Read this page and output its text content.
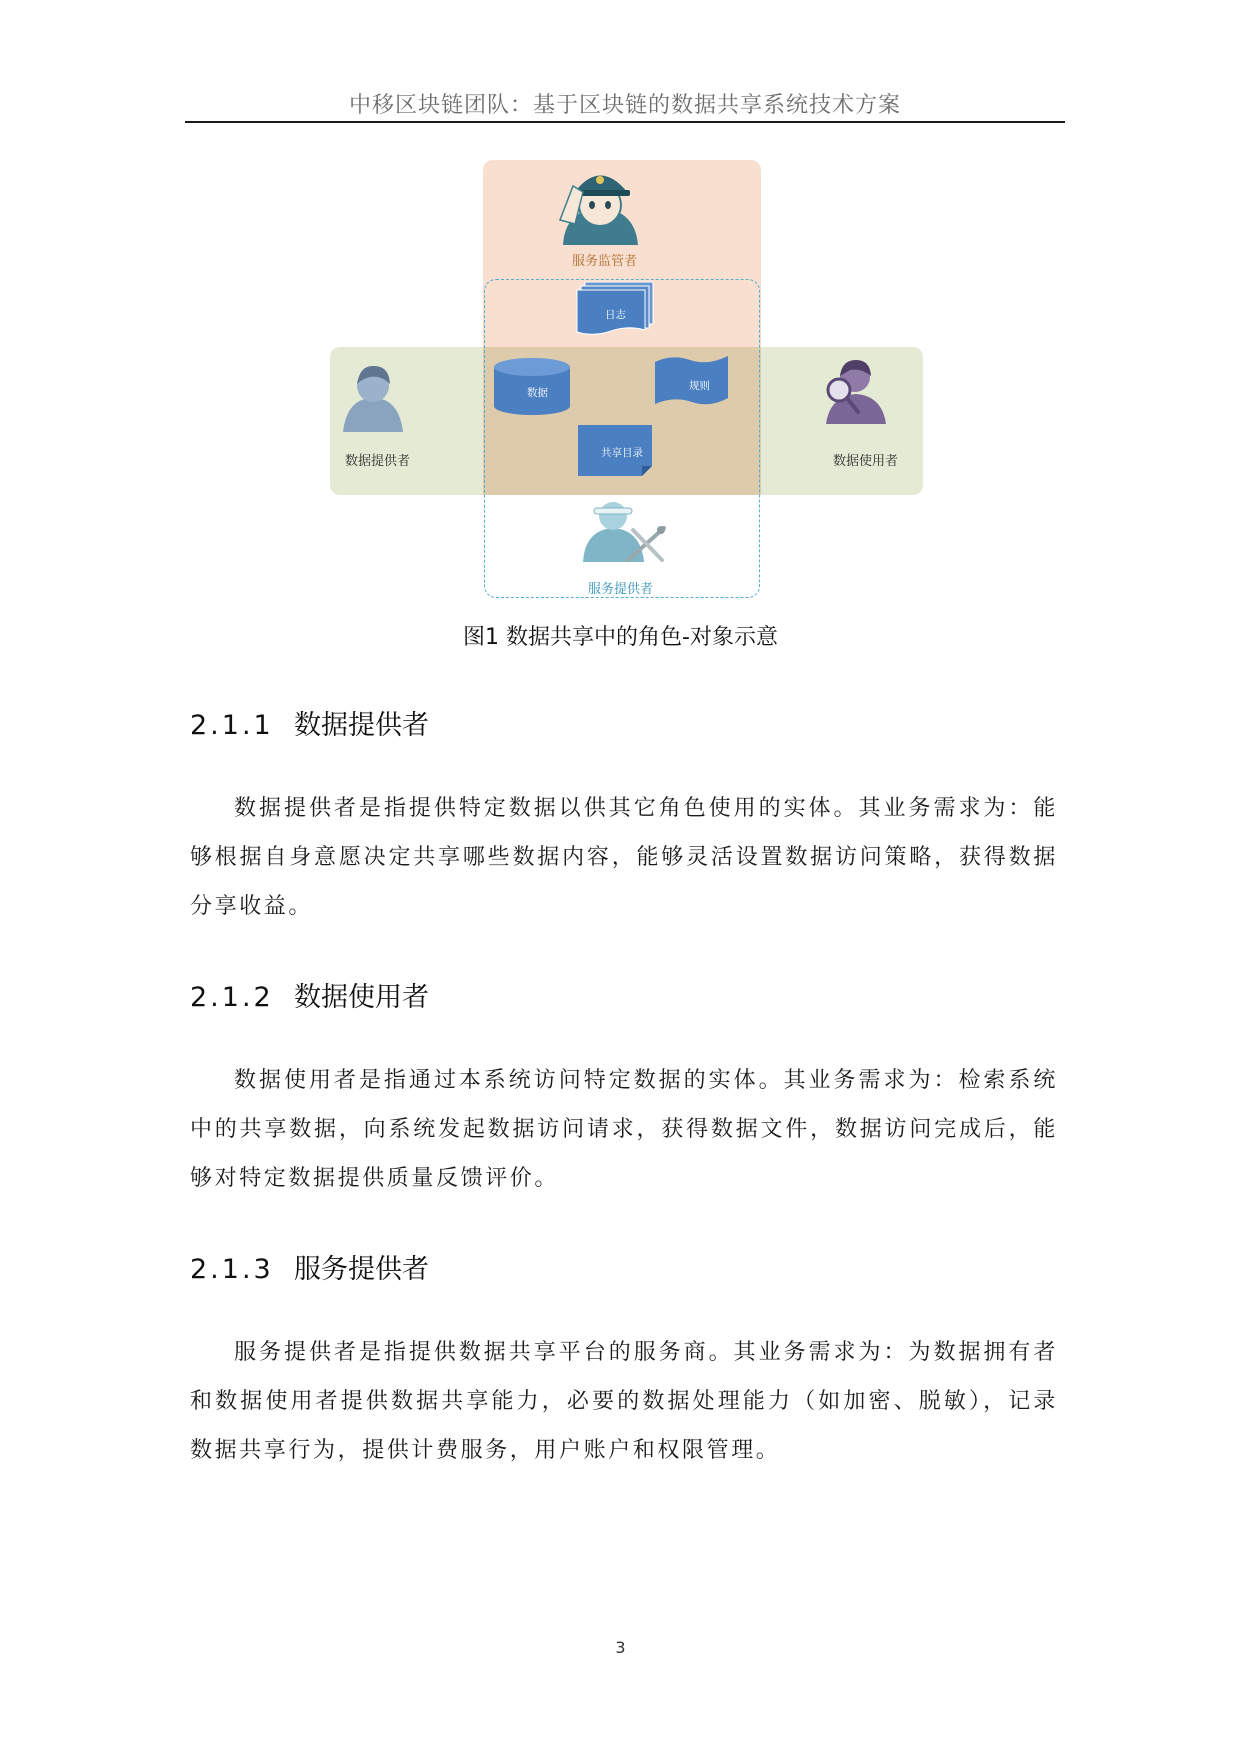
中移区块链团队：基于区块链的数据共享系统技术方案
服务监管者
数据提供者	数据使用者
服务提供者
日志
数据
规则
共享目录
图1 数据共享中的角色-对象示意
2.1.1 数据提供者

数据提供者是指提供特定数据以供其它角色使用的实体。其业务需求为：能够根据自身意愿决定共享哪些数据内容，能够灵活设置数据访问策略，获得数据分享收益。

2.1.2 数据使用者

数据使用者是指通过本系统访问特定数据的实体。其业务需求为：检索系统中的共享数据，向系统发起数据访问请求，获得数据文件，数据访问完成后，能够对特定数据提供质量反馈评价。

2.1.3 服务提供者

服务提供者是指提供数据共享平台的服务商。其业务需求为：为数据拥有者和数据使用者提供数据共享能力，必要的数据处理能力（如加密、脱敏），记录数据共享行为，提供计费服务，用户账户和权限管理。

3
